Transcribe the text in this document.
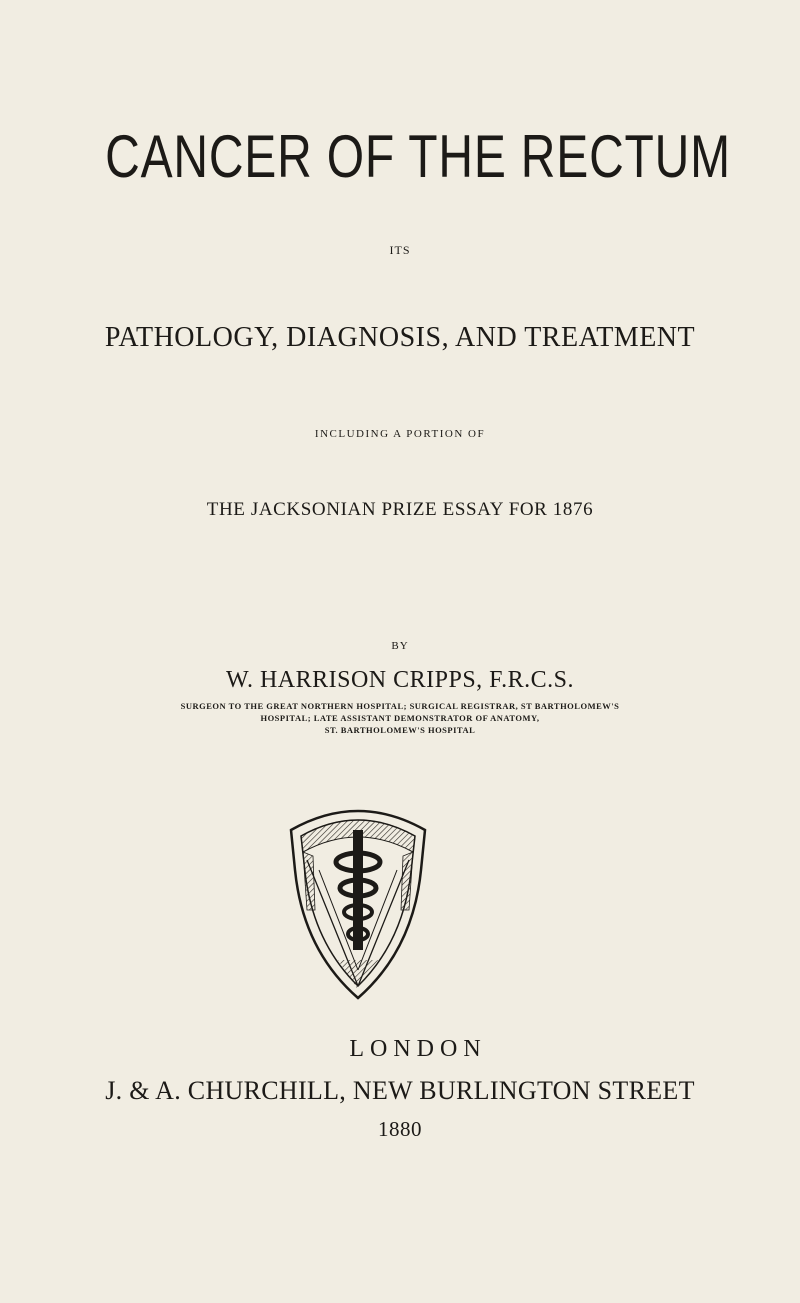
CANCER OF THE RECTUM
ITS
PATHOLOGY, DIAGNOSIS, AND TREATMENT
INCLUDING A PORTION OF
THE JACKSONIAN PRIZE ESSAY FOR 1876
BY
W. HARRISON CRIPPS, F.R.C.S.
SURGEON TO THE GREAT NORTHERN HOSPITAL; SURGICAL REGISTRAR, ST BARTHOLOMEW'S
HOSPITAL; LATE ASSISTANT DEMONSTRATOR OF ANATOMY,
ST. BARTHOLOMEW'S HOSPITAL
LONDON
J. & A. CHURCHILL, NEW BURLINGTON STREET
1880
